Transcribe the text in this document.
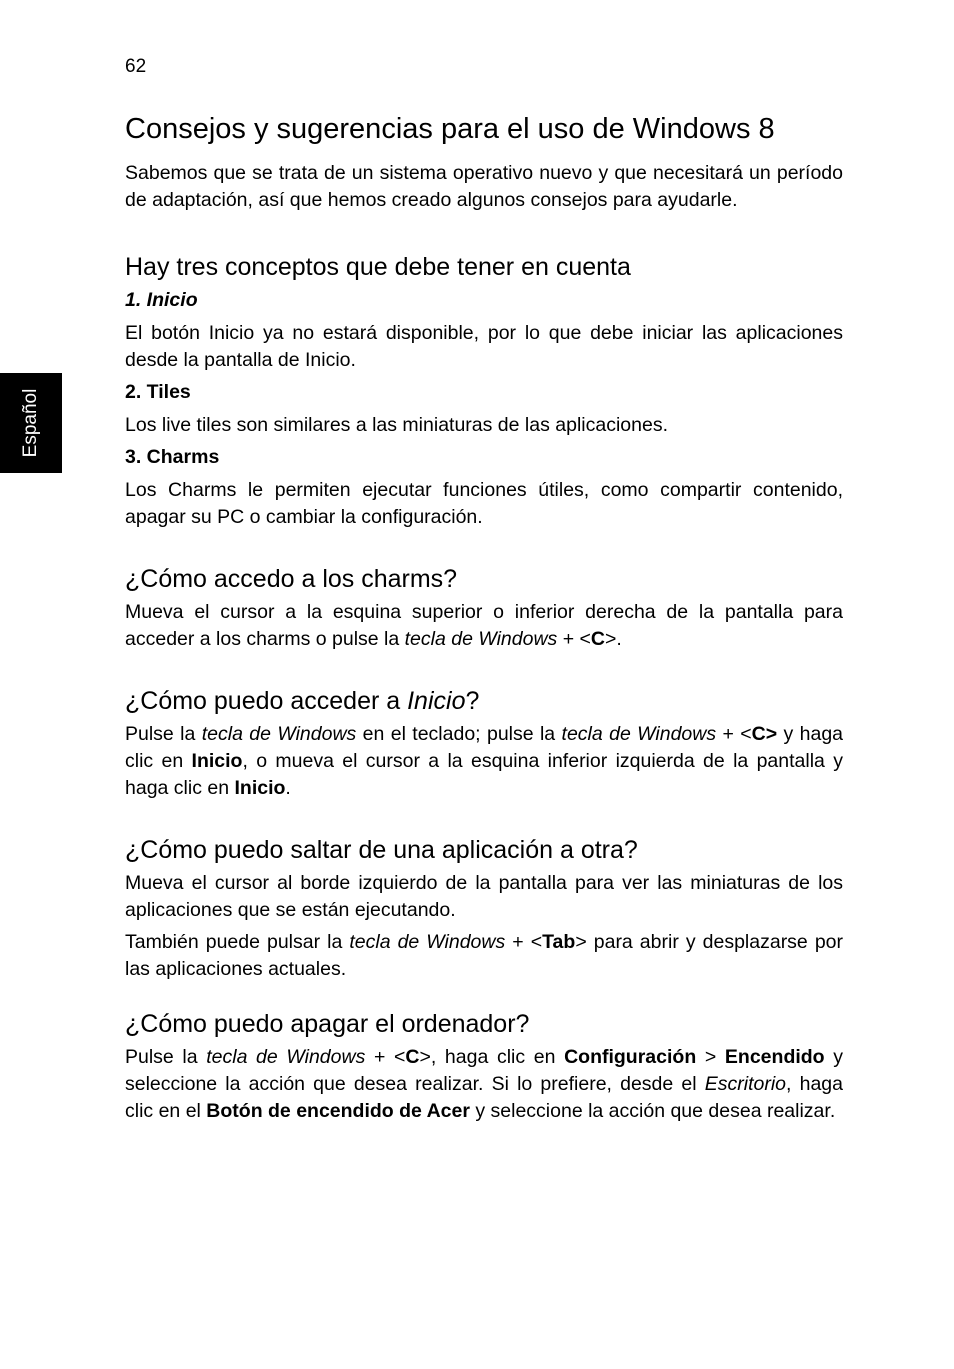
62
Español
Consejos y sugerencias para el uso de Windows 8

Sabemos que se trata de un sistema operativo nuevo y que necesitará un período de adaptación, así que hemos creado algunos consejos para ayudarle.

Hay tres conceptos que debe tener en cuenta
1. Inicio

El botón Inicio ya no estará disponible, por lo que debe iniciar las aplicaciones desde la pantalla de Inicio.

2. Tiles

Los live tiles son similares a las miniaturas de las aplicaciones.

3. Charms

Los Charms le permiten ejecutar funciones útiles, como compartir contenido, apagar su PC o cambiar la configuración.

¿Cómo accedo a los charms?

Mueva el cursor a la esquina superior o inferior derecha de la pantalla para acceder a los charms o pulse la tecla de Windows + <C>.

¿Cómo puedo acceder a Inicio?

Pulse la tecla de Windows en el teclado; pulse la tecla de Windows + <C> y haga clic en Inicio, o mueva el cursor a la esquina inferior izquierda de la pantalla y haga clic en Inicio.

¿Cómo puedo saltar de una aplicación a otra?

Mueva el cursor al borde izquierdo de la pantalla para ver las miniaturas de los aplicaciones que se están ejecutando.

También puede pulsar la tecla de Windows + <Tab> para abrir y desplazarse por las aplicaciones actuales.

¿Cómo puedo apagar el ordenador?

Pulse la tecla de Windows + <C>, haga clic en Configuración > Encendido y seleccione la acción que desea realizar. Si lo prefiere, desde el Escritorio, haga clic en el Botón de encendido de Acer y seleccione la acción que desea realizar.
